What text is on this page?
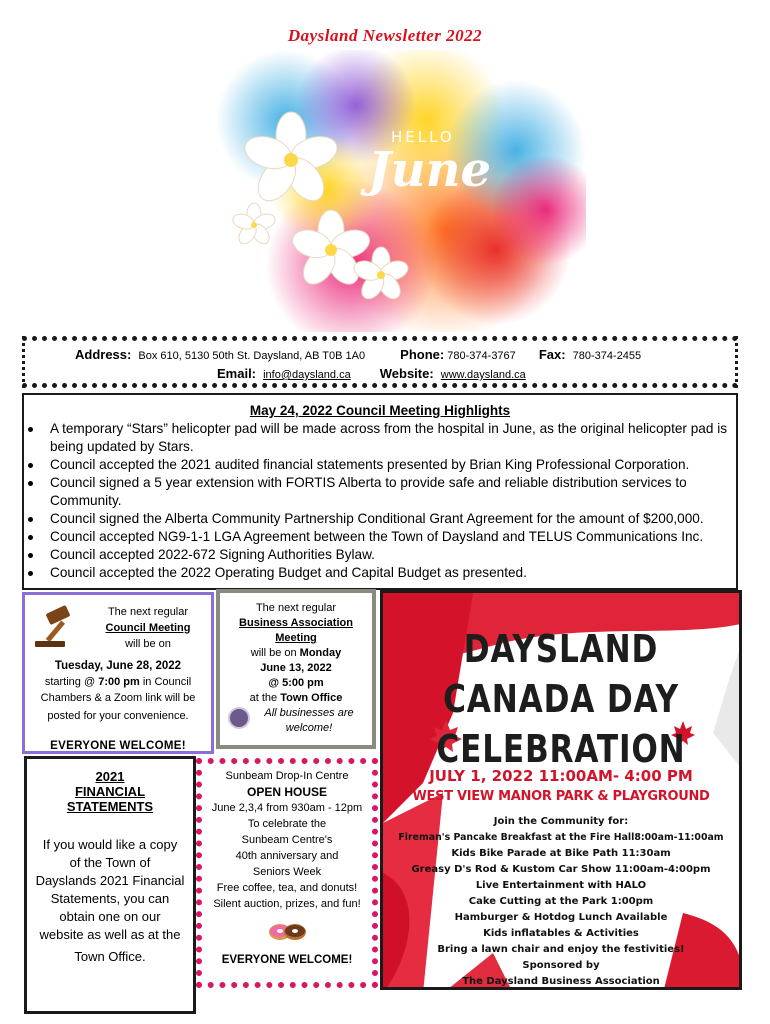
Daysland Newsletter 2022
HELLO
June
Address: Box 610, 5130 50th St. Daysland, AB T0B 1A0	Phone: 780-374-3767 Fax: 780-374-2455
Email: info@daysland.ca Website: www.daysland.ca
May 24, 2022 Council Meeting Highlights
A temporary “Stars” helicopter pad will be made across from the hospital in June, as the original helicopter pad is being updated by Stars.
Council accepted the 2021 audited financial statements presented by Brian King Professional Corporation.
Council signed a 5 year extension with FORTIS Alberta to provide safe and reliable distribution services to Community.
Council signed the Alberta Community Partnership Conditional Grant Agreement for the amount of $200,000.
Council accepted NG9-1-1 LGA Agreement between the Town of Daysland and TELUS Communications Inc.
Council accepted 2022-672 Signing Authorities Bylaw.
Council accepted the 2022 Operating Budget and Capital Budget as presented.
The next regular
Council Meeting
will be on
Tuesday, June 28, 2022
starting @ 7:00 pm in Council
Chambers & a Zoom link will be
posted for your convenience.
EVERYONE WELCOME!
The next regular
Business Association
Meeting
will be on Monday
June 13, 2022
@ 5:00 pm
at the Town Office
All businesses are
welcome!
2021
FINANCIAL
STATEMENTS
If you would like a copy
of the Town of
Dayslands 2021 Financial
Statements, you can
obtain one on our
website as well as at the
Town Office.
Sunbeam Drop-In Centre
OPEN HOUSE
June 2,3,4 from 930am - 12pm
To celebrate the
Sunbeam Centre's
40th anniversary and
Seniors Week
Free coffee, tea, and donuts!
Silent auction, prizes, and fun!
EVERYONE WELCOME!
DAYSLAND
CANADA DAY
CELEBRATION
JULY 1, 2022 11:00AM- 4:00 PM
WEST VIEW MANOR PARK & PLAYGROUND
Join the Community for:
Fireman's Pancake Breakfast at the Fire Hall8:00am-11:00am
Kids Bike Parade at Bike Path 11:30am
Greasy D's Rod & Kustom Car Show 11:00am-4:00pm
Live Entertainment with HALO
Cake Cutting at the Park 1:00pm
Hamburger & Hotdog Lunch Available
Kids inflatables & Activities
Bring a lawn chair and enjoy the festivities!
Sponsored by
The Daysland Business Association
